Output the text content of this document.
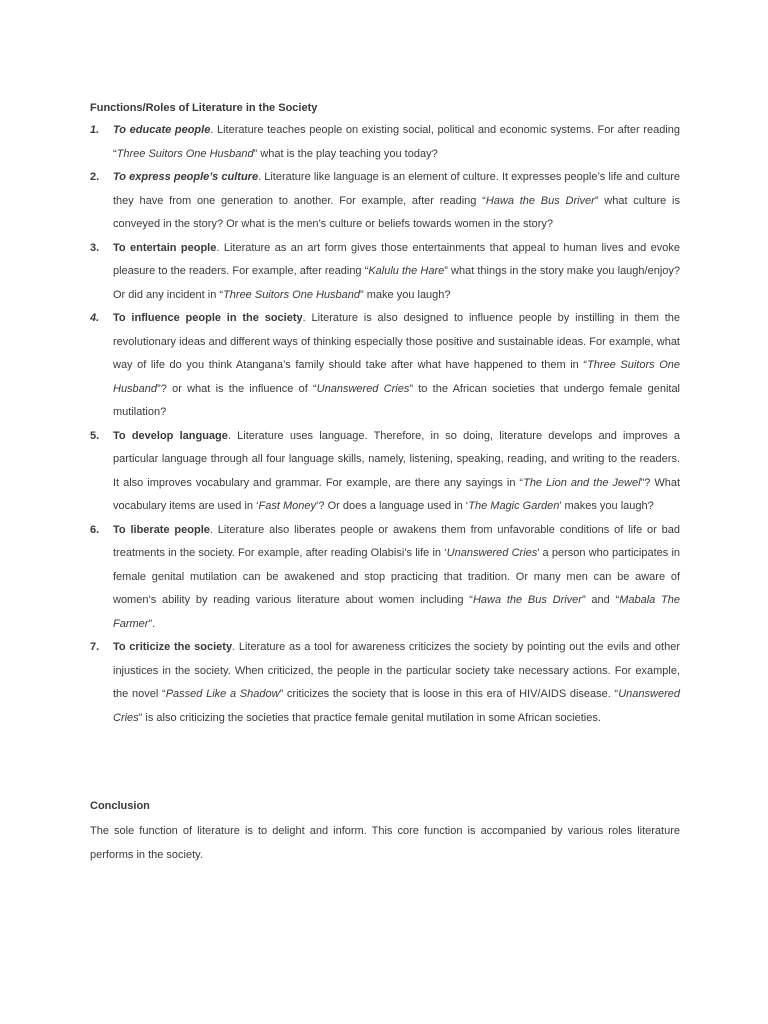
Functions/Roles of Literature in the Society
1. To educate people. Literature teaches people on existing social, political and economic systems. For after reading “Three Suitors One Husband” what is the play teaching you today?
2. To express people’s culture. Literature like language is an element of culture. It expresses people’s life and culture they have from one generation to another. For example, after reading “Hawa the Bus Driver” what culture is conveyed in the story? Or what is the men’s culture or beliefs towards women in the story?
3. To entertain people. Literature as an art form gives those entertainments that appeal to human lives and evoke pleasure to the readers. For example, after reading “Kalulu the Hare” what things in the story make you laugh/enjoy? Or did any incident in “Three Suitors One Husband” make you laugh?
4. To influence people in the society. Literature is also designed to influence people by instilling in them the revolutionary ideas and different ways of thinking especially those positive and sustainable ideas. For example, what way of life do you think Atangana’s family should take after what have happened to them in “Three Suitors One Husband”? or what is the influence of “Unanswered Cries” to the African societies that undergo female genital mutilation?
5. To develop language. Literature uses language. Therefore, in so doing, literature develops and improves a particular language through all four language skills, namely, listening, speaking, reading, and writing to the readers. It also improves vocabulary and grammar. For example, are there any sayings in “The Lion and the Jewel”? What vocabulary items are used in ‘Fast Money’? Or does a language used in ‘The Magic Garden’ makes you laugh?
6. To liberate people. Literature also liberates people or awakens them from unfavorable conditions of life or bad treatments in the society. For example, after reading Olabisi’s life in ‘Unanswered Cries’ a person who participates in female genital mutilation can be awakened and stop practicing that tradition. Or many men can be aware of women’s ability by reading various literature about women including “Hawa the Bus Driver” and “Mabala The Farmer”.
7. To criticize the society. Literature as a tool for awareness criticizes the society by pointing out the evils and other injustices in the society. When criticized, the people in the particular society take necessary actions. For example, the novel “Passed Like a Shadow” criticizes the society that is loose in this era of HIV/AIDS disease. “Unanswered Cries” is also criticizing the societies that practice female genital mutilation in some African societies.
Conclusion

The sole function of literature is to delight and inform. This core function is accompanied by various roles literature performs in the society.
